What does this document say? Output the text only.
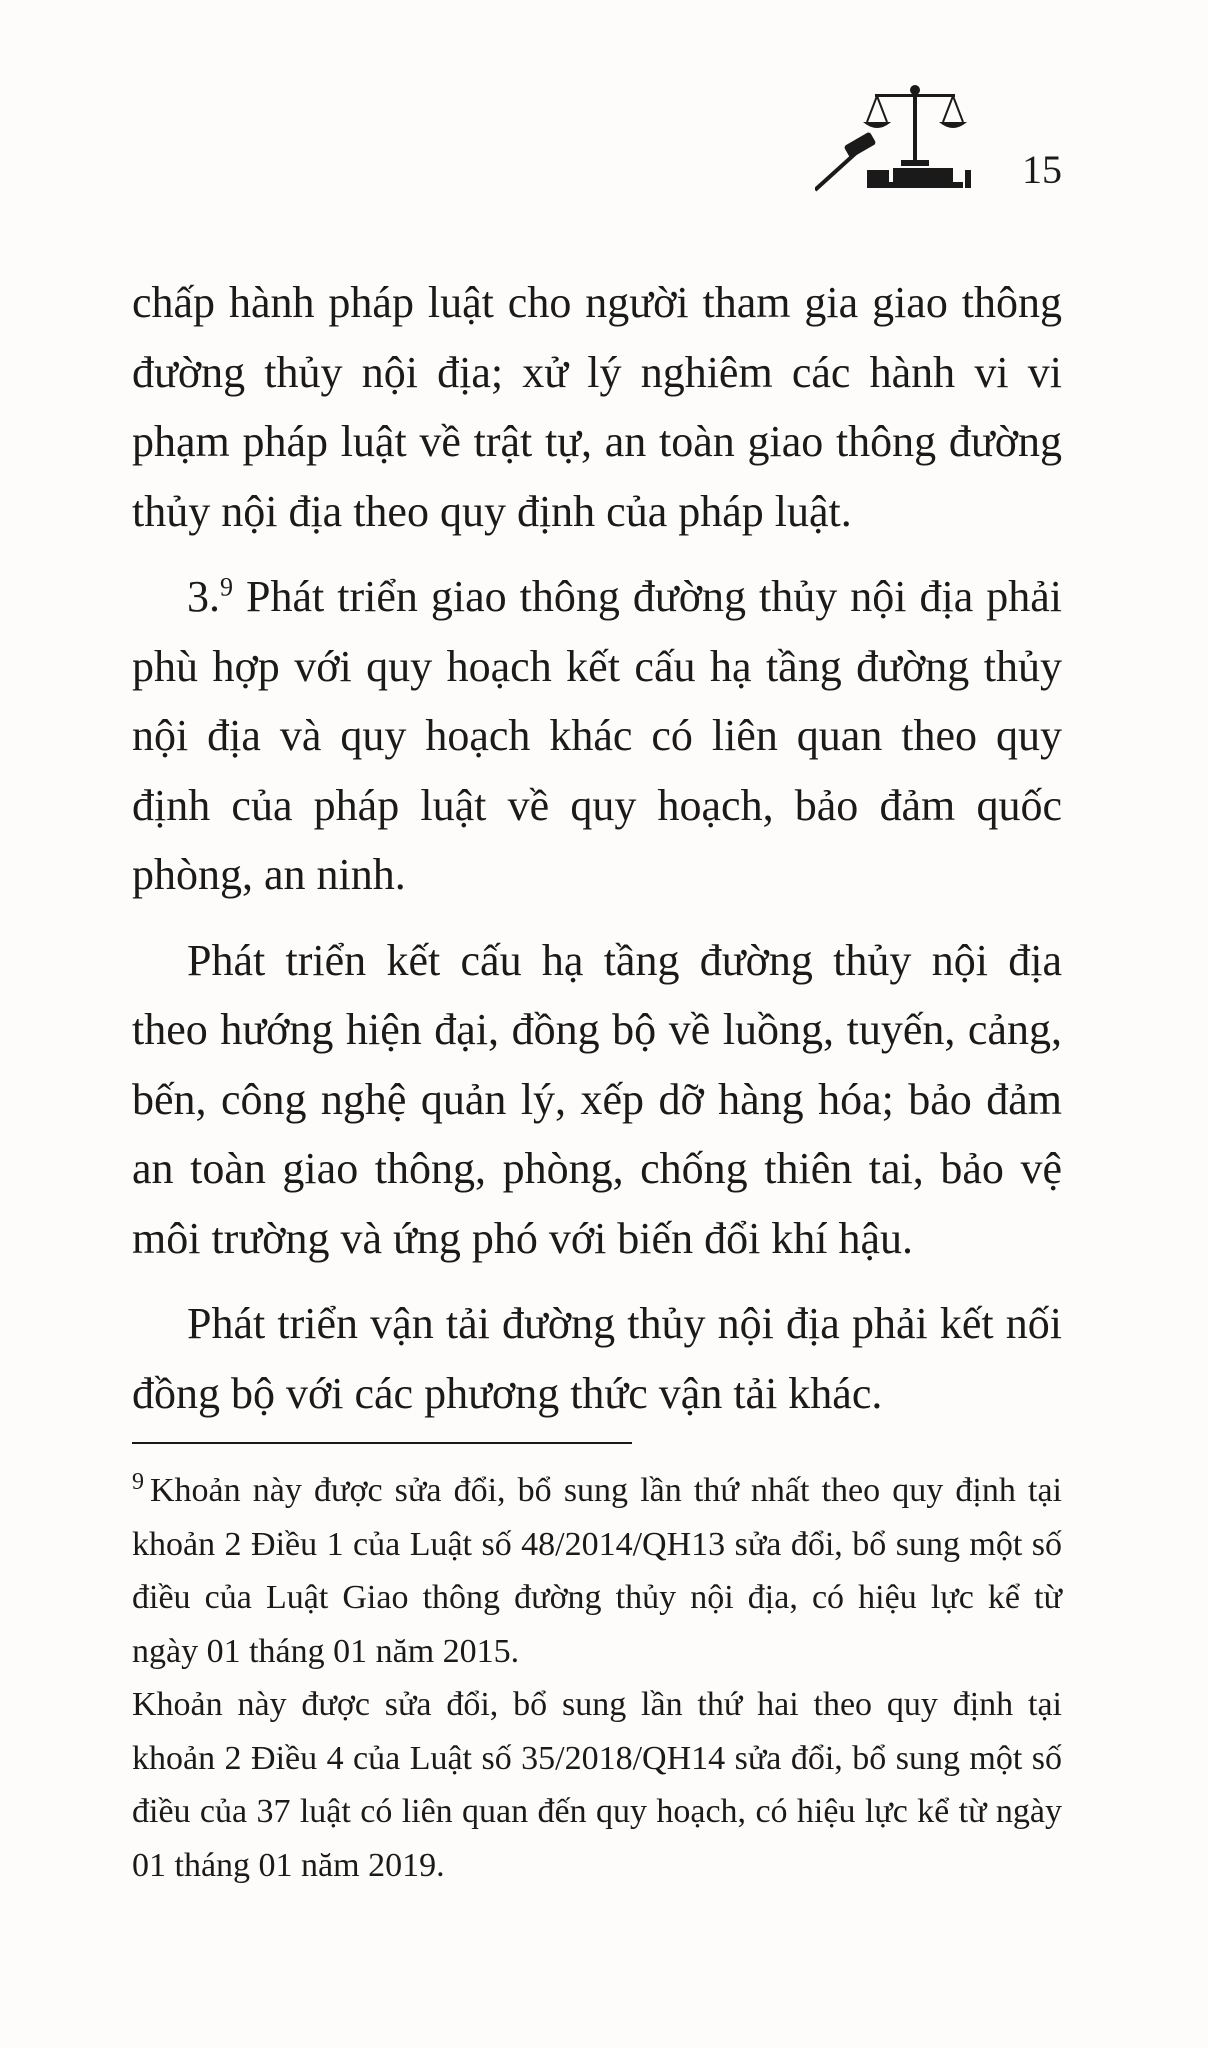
15

chấp hành pháp luật cho người tham gia giao thông đường thủy nội địa; xử lý nghiêm các hành vi vi phạm pháp luật về trật tự, an toàn giao thông đường thủy nội địa theo quy định của pháp luật.

3.$^9$ Phát triển giao thông đường thủy nội địa phải phù hợp với quy hoạch kết cấu hạ tầng đường thủy nội địa và quy hoạch khác có liên quan theo quy định của pháp luật về quy hoạch, bảo đảm quốc phòng, an ninh.

Phát triển kết cấu hạ tầng đường thủy nội địa theo hướng hiện đại, đồng bộ về luồng, tuyến, cảng, bến, công nghệ quản lý, xếp dỡ hàng hóa; bảo đảm an toàn giao thông, phòng, chống thiên tai, bảo vệ môi trường và ứng phó với biến đổi khí hậu.

Phát triển vận tải đường thủy nội địa phải kết nối đồng bộ với các phương thức vận tải khác.

$^9$ Khoản này được sửa đổi, bổ sung lần thứ nhất theo quy định tại khoản 2 Điều 1 của Luật số 48/2014/QH13 sửa đổi, bổ sung một số điều của Luật Giao thông đường thủy nội địa, có hiệu lực kể từ ngày 01 tháng 01 năm 2015.

Khoản này được sửa đổi, bổ sung lần thứ hai theo quy định tại khoản 2 Điều 4 của Luật số 35/2018/QH14 sửa đổi, bổ sung một số điều của 37 luật có liên quan đến quy hoạch, có hiệu lực kể từ ngày 01 tháng 01 năm 2019.
